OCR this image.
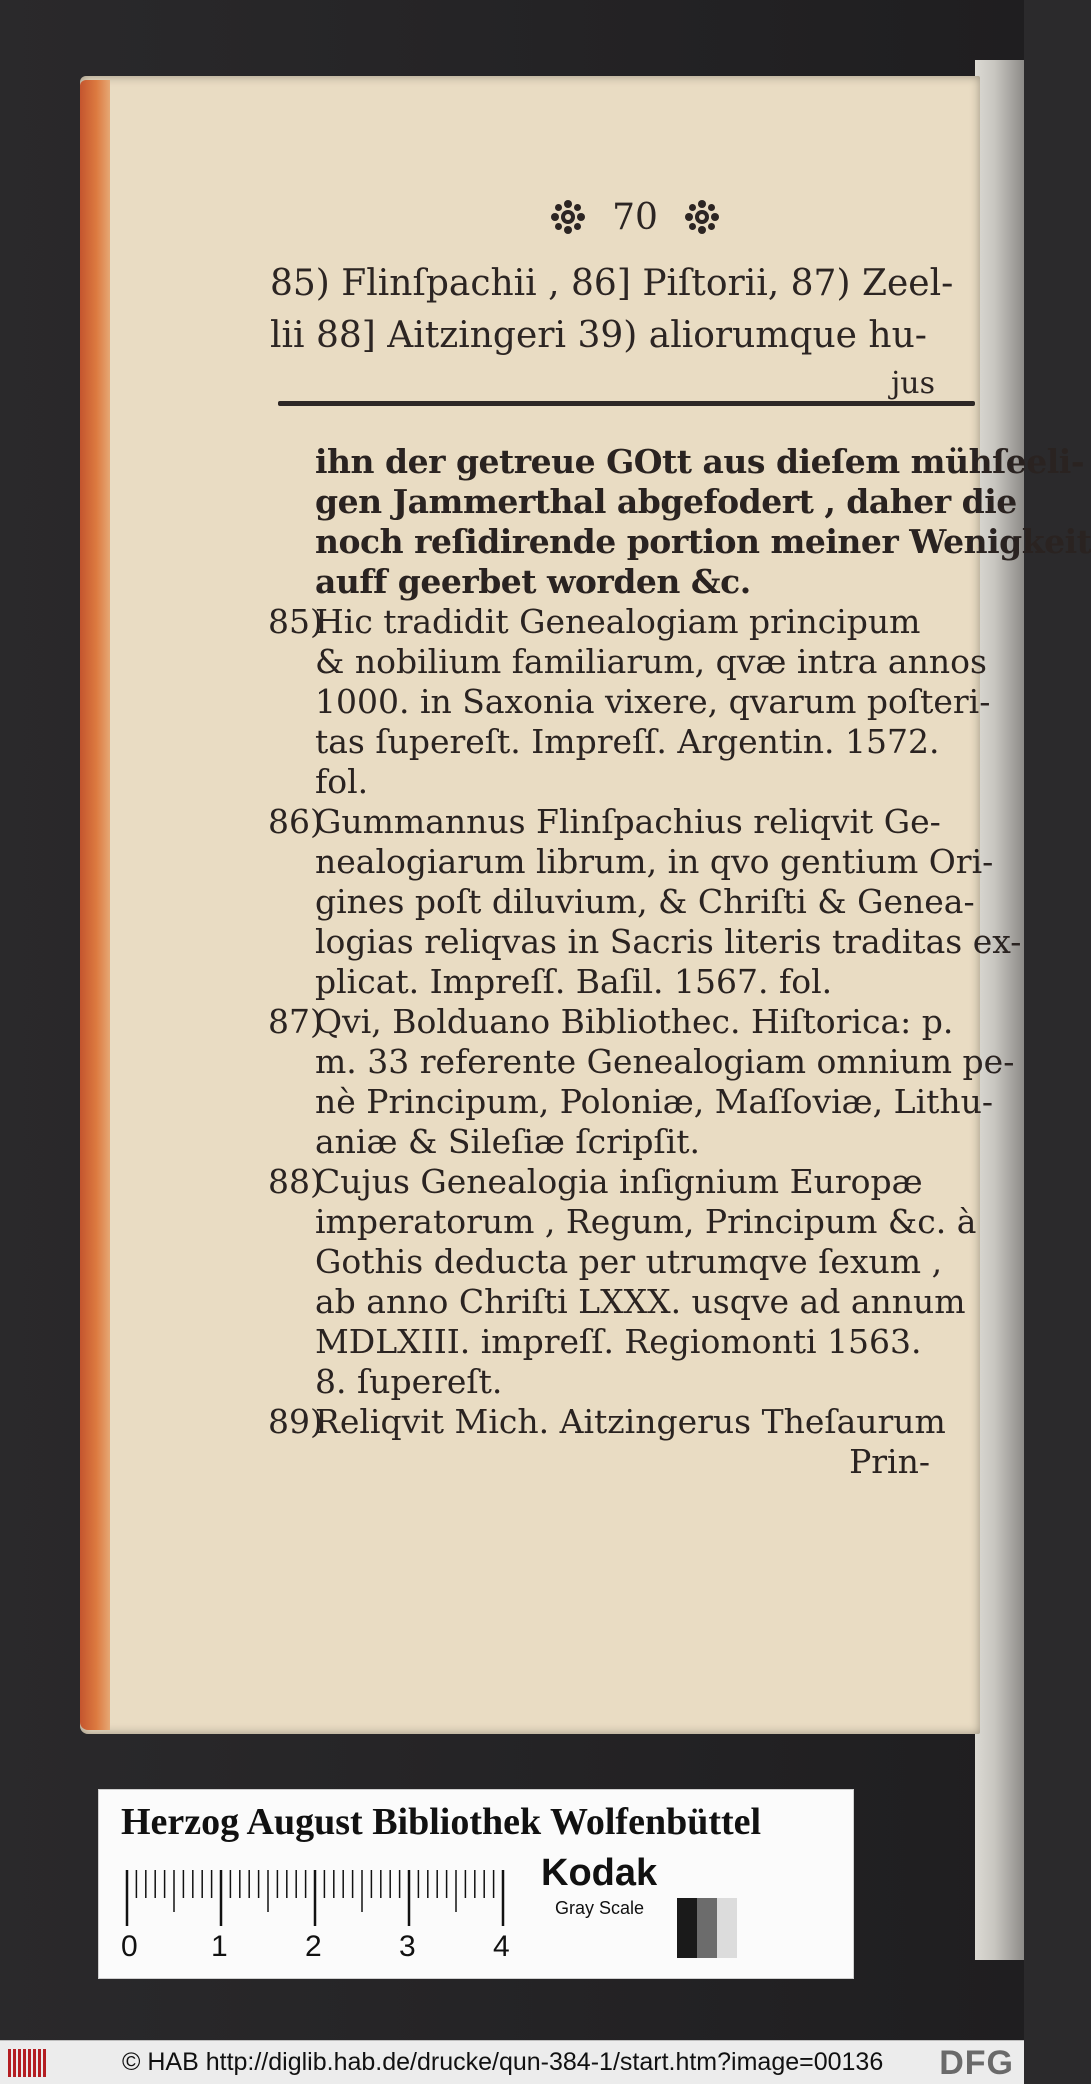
70
85) Flinſpachii , 86] Piſtorii, 87) Zeel-
lii 88] Aitzingeri 39) aliorumque hu-
jus
ihn der getreue GOtt aus dieſem mühſeeli-
gen Jammerthal abgefodert , daher die
noch reſidirende portion meiner Wenigkeit
auff geerbet worden &c.
85)
Hic tradidit Genealogiam principum
& nobilium familiarum, qvæ intra annos
1000. in Saxonia vixere, qvarum poſteri-
tas ſupereſt. Impreſſ. Argentin. 1572.
fol.
86)
Gummannus Flinſpachius reliqvit Ge-
nealogiarum librum, in qvo gentium Ori-
gines poſt diluvium, & Chriſti & Genea-
logias reliqvas in Sacris literis traditas ex-
plicat. Impreſſ. Baſil. 1567. fol.
87)
Qvi, Bolduano Bibliothec. Hiſtorica: p.
m. 33 referente Genealogiam omnium pe-
nè Principum, Poloniæ, Maſſoviæ, Lithu-
aniæ & Sileſiæ ſcripſit.
88)
Cujus Genealogia inſignium Europæ
imperatorum , Regum, Principum &c. à
Gothis deducta per utrumqve ſexum ,
ab anno Chriſti LXXX. usqve ad annum
MDLXIII. impreſſ. Regiomonti 1563.
8. ſupereſt.
89)
Reliqvit Mich. Aitzingerus Theſaurum
Prin-
Herzog August Bibliothek Wolfenbüttel
0 1	2	3	4
Kodak
Gray Scale
© HAB http://diglib.hab.de/drucke/qun-384-1/start.htm?image=00136 DFG
